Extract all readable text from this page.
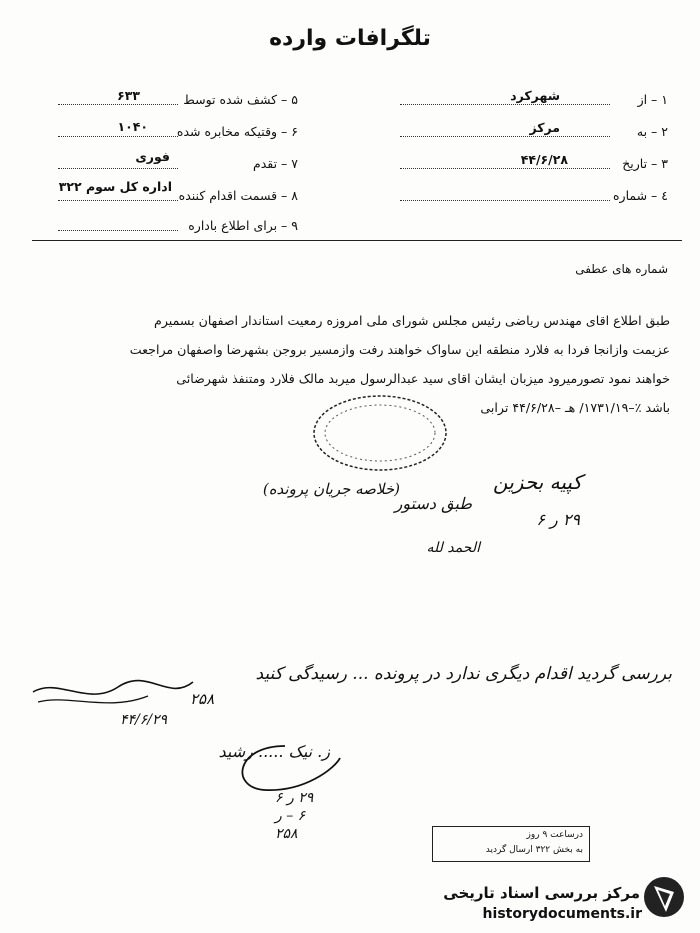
تلگرافات وارده
۱ – از
شهرکرد
۲ – به
مرکز
۳ – تاریخ
۴۴/۶/۲۸
٤ – شماره
۵ – کشف شده توسط
۶۳۳
۶ – وقتیکه مخابره شده
۱۰۴۰
۷ – تقدم
فوری
۸ – قسمت اقدام کننده
اداره کل سوم ۳۲۲
۹ – برای اطلاع باداره
شماره های عطفی
طبق اطلاع اقای مهندس ریاضی رئیس مجلس شورای ملی امروزه رمعیت استاندار اصفهان بسمیرم
عزیمت وازانجا فردا به فلارد منطقه این ساواک خواهند رفت وازمسیر بروجن بشهرضا واصفهان مراجعت
خواهند نمود تصورمیرود میزبان ایشان اقای سید عبدالرسول میربد مالک فلارد ومتنفذ شهرضائی
باشد ٪–۱۷۳۱/۱۹/ هـ –۴۴/۶/۲۸ ترابی
کپیه بحزین
طبق دستور
(خلاصه جریان پرونده)
۲۹ ر ۶
الحمد لله
بررسی گردید اقدام دیگری ندارد در پرونده ... رسیدگی کنید
۲۵۸
۴۴/۶/۲۹
ز. نیک ..... رشید
۲۹ ر ۶
۶ – ر
۲۵۸	درساعت ۹ روز
به بخش ۳۲۲ ارسال گردید
مرکز بررسی اسناد تاریخی
historydocuments.ir
